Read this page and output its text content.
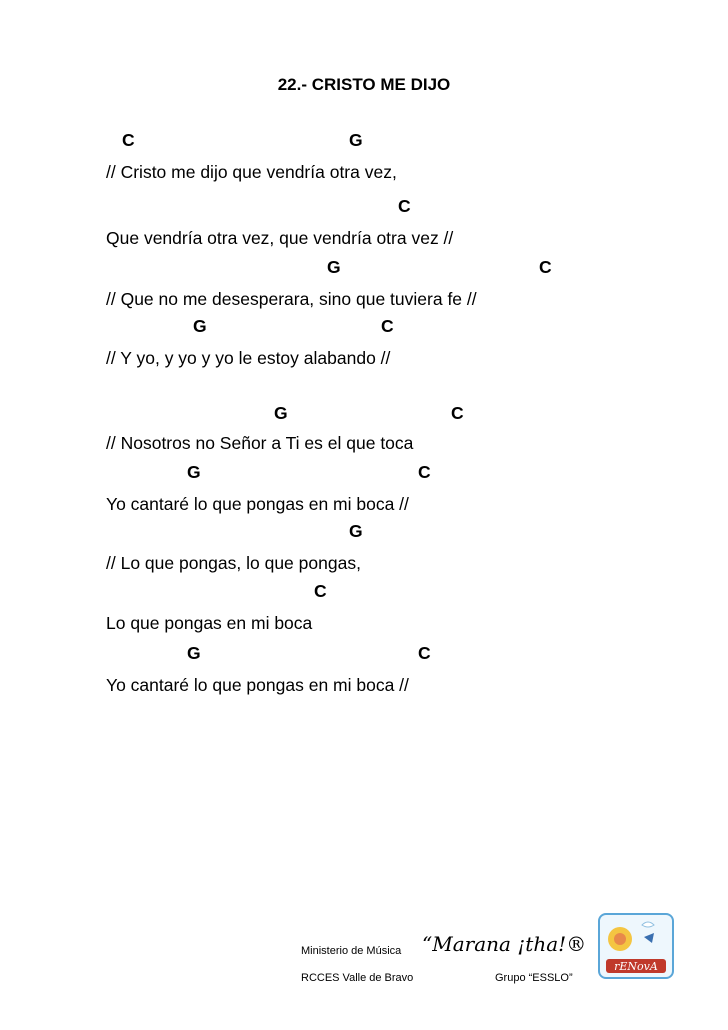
22.- CRISTO ME DIJO
C	G
// Cristo me dijo que vendría otra vez,
C
Que vendría otra vez, que vendría otra vez //
G	C
// Que no me desesperara, sino que tuviera fe //
G	C
// Y yo, y yo y yo le estoy alabando //
G	C
// Nosotros no Señor a Ti es el que toca
G	C
Yo cantaré lo que pongas en mi boca //
G
// Lo que pongas, lo que pongas,
C
Lo que pongas en mi boca
G	C
Yo cantaré lo que pongas en mi boca //
Ministerio de Música “Marana ¡tha!®
RCCES Valle de Bravo	Grupo “ESSLO”
rENovA
